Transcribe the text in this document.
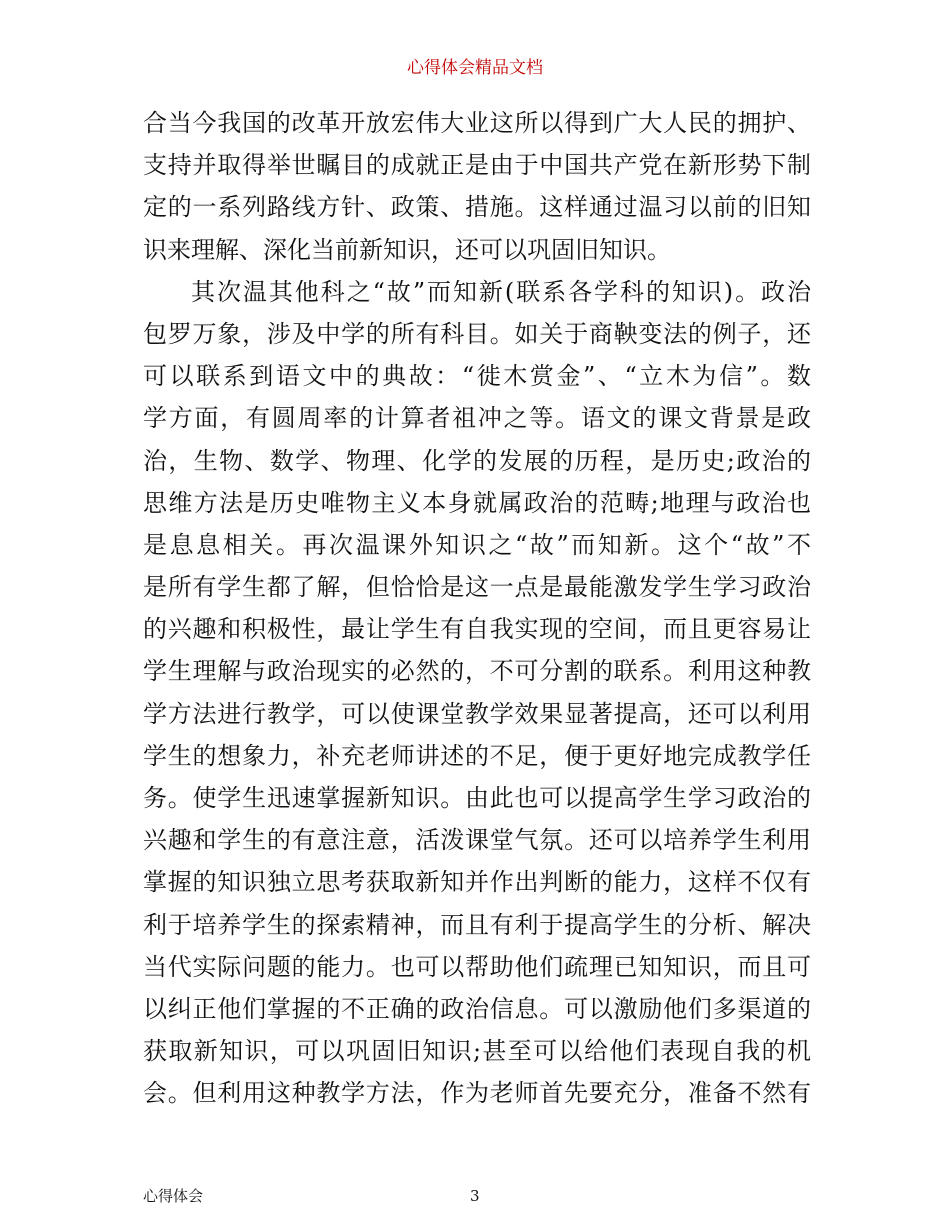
心得体会精品文档
合当今我国的改革开放宏伟大业这所以得到广大人民的拥护、
支持并取得举世瞩目的成就正是由于中国共产党在新形势下制
定的一系列路线方针、政策、措施。这样通过温习以前的旧知
识来理解、深化当前新知识，还可以巩固旧知识。
其次温其他科之“故”而知新(联系各学科的知识)。政治
包罗万象，涉及中学的所有科目。如关于商鞅变法的例子，还
可以联系到语文中的典故：“徙木赏金”、“立木为信”。数
学方面，有圆周率的计算者祖冲之等。语文的课文背景是政
治，生物、数学、物理、化学的发展的历程，是历史;政治的
思维方法是历史唯物主义本身就属政治的范畴;地理与政治也
是息息相关。再次温课外知识之“故”而知新。这个“故”不
是所有学生都了解，但恰恰是这一点是最能激发学生学习政治
的兴趣和积极性，最让学生有自我实现的空间，而且更容易让
学生理解与政治现实的必然的，不可分割的联系。利用这种教
学方法进行教学，可以使课堂教学效果显著提高，还可以利用
学生的想象力，补充老师讲述的不足，便于更好地完成教学任
务。使学生迅速掌握新知识。由此也可以提高学生学习政治的
兴趣和学生的有意注意，活泼课堂气氛。还可以培养学生利用
掌握的知识独立思考获取新知并作出判断的能力，这样不仅有
利于培养学生的探索精神，而且有利于提高学生的分析、解决
当代实际问题的能力。也可以帮助他们疏理已知知识，而且可
以纠正他们掌握的不正确的政治信息。可以激励他们多渠道的
获取新知识，可以巩固旧知识;甚至可以给他们表现自我的机
会。但利用这种教学方法，作为老师首先要充分，准备不然有
心得体会	3
